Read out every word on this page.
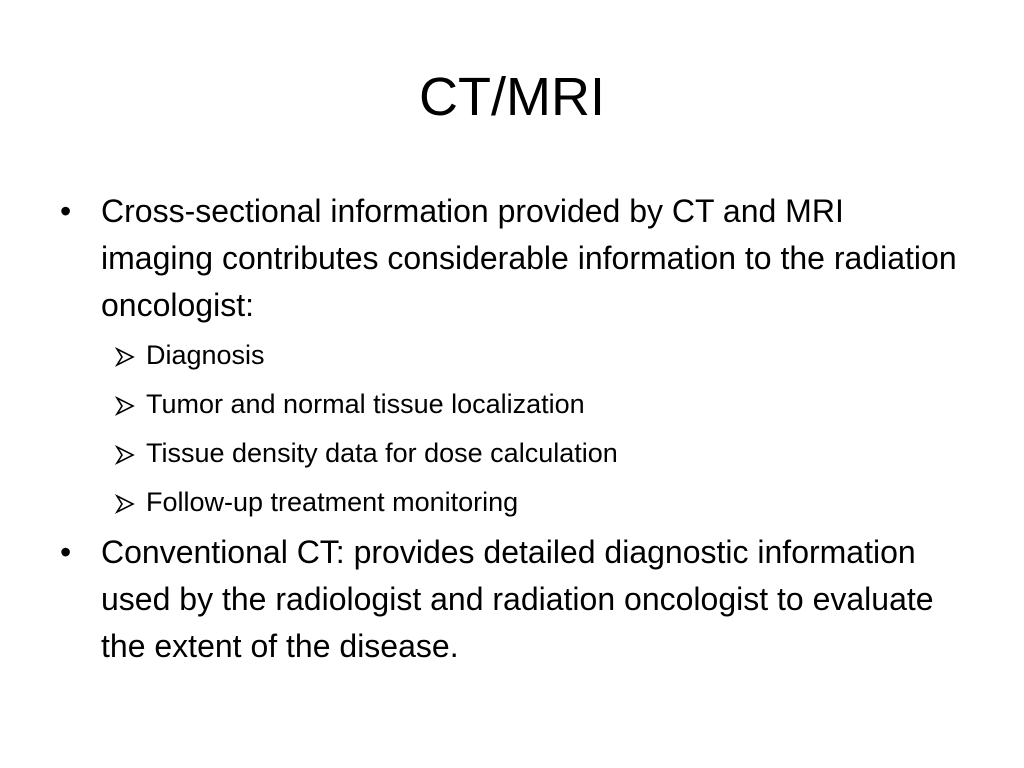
CT/MRI
• Cross-sectional information provided by CT and MRI imaging contributes considerable information to the radiation oncologist:
Diagnosis
Tumor and normal tissue localization
Tissue density data for dose calculation
Follow-up treatment monitoring
• Conventional CT: provides detailed diagnostic information used by the radiologist and radiation oncologist to evaluate the extent of the disease.
